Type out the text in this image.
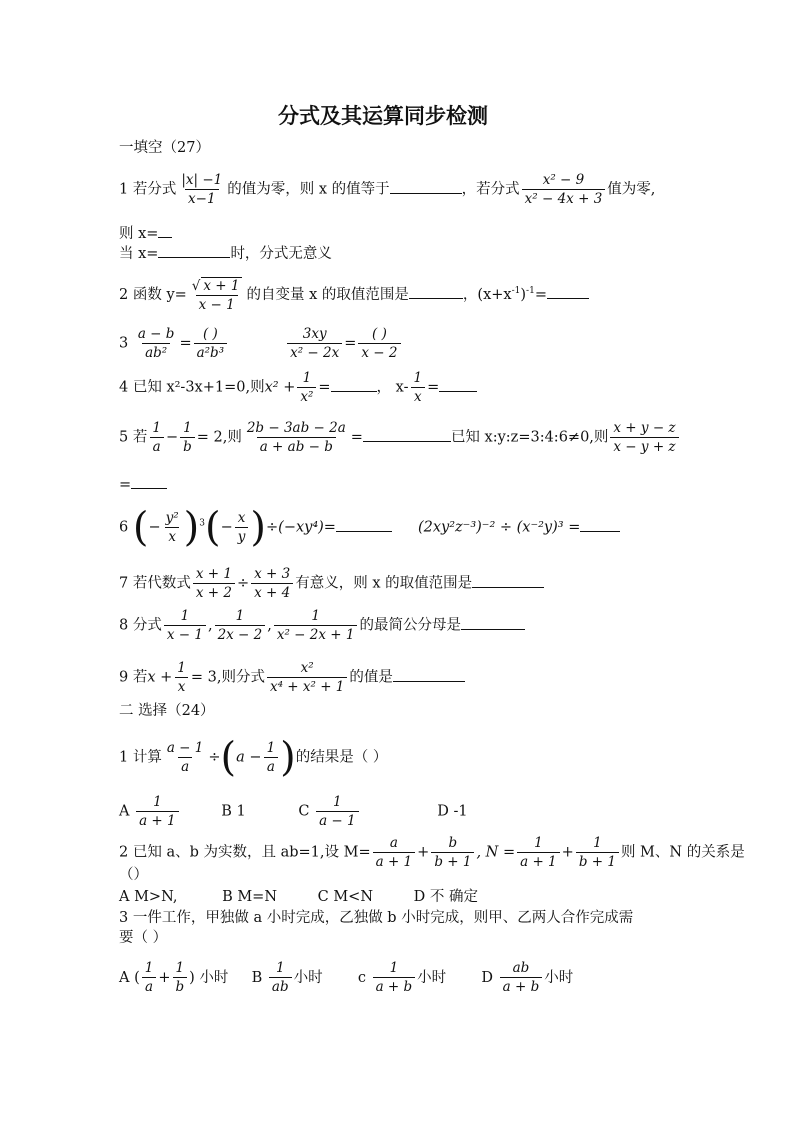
分式及其运算同步检测
一填空（27）
1 若分式 $\frac{|x| -1}{x-1}$ 的值为零，则 x 的值等于	，若分式 $\frac{\text{x² − 9}}{\text{x² − 4x + 3}}$ 值为零,
则 x=
当 x=	时，分式无意义
2 函数 $y= \frac{√ x + 1}{x - 1}$ 的自变量 x 的取值范围是	，$(x+x^{-1})^{-1}=$
$3 \frac{a - b}{\text{ab²}} = \frac{( )}{\text{a²b³}}$	$\frac{3xy}{\text{x² − 2x}} = \frac{( )}{x - 2}$
4 已知 x²-3x+1=0,则$x^2 + \frac{1}{\text{x²}}$ =	， $x- \frac{1}{x}$ =
5 若 $\frac{1}{a} - \frac{1}{b} = 2$,则 $\frac{2b - 3ab - 2a}{a + ab - b}$ =	已知 x:y:z=3:4:6≠0,则 $\frac{x + y - z}{x - y + z}$
=
6 (− $\frac{\text{y²}}{x} )^3(- \frac{x}{y} )\div(-xy^4)=$	(2xy²z⁻³)⁻² ÷ (x⁻²y)³ =
7 若代数式 $\frac{x + 1}{x + 2} \div \frac{x + 3}{x + 4}$ 有意义，则 x 的取值范围是
8 分式 $\frac{1}{x - 1}$ , $\frac{1}{2x - 2}$ , $\frac{1}{\text{x² − 2x + 1}}$ 的最简公分母是
9 若$x + \frac{1}{x} = 3$,则分式 $\frac{\text{x²}}{\text{x⁴ + x² + 1}}$ 的值是
二 选择（24）
1 计算 $\frac{a - 1}{a} \div(a - \frac{1}{a}$ )的结果是（ ）
A $\frac{1}{a + 1}$	B 1	C $\frac{1}{a - 1}$	D -1
2 已知 a、b 为实数，且 ab=1,设 $M= \frac{a}{a + 1} + \frac{b}{b + 1}$ , $N = \frac{1}{a + 1} + \frac{1}{b + 1}$ 则 M、N 的关系是
（）
A M>N,	B M=N	C M<N	D 不 确定
3 一件工作，甲独做 a 小时完成，乙独做 b 小时完成，则甲、乙两人合作完成需
要（ ）
A ( $\frac{1}{a} + \frac{1}{b}$ ) 小时 B $\frac{1}{ab}$ 小时 c $\frac{1}{a + b}$ 小时 D $\frac{ab}{a + b}$ 小时
